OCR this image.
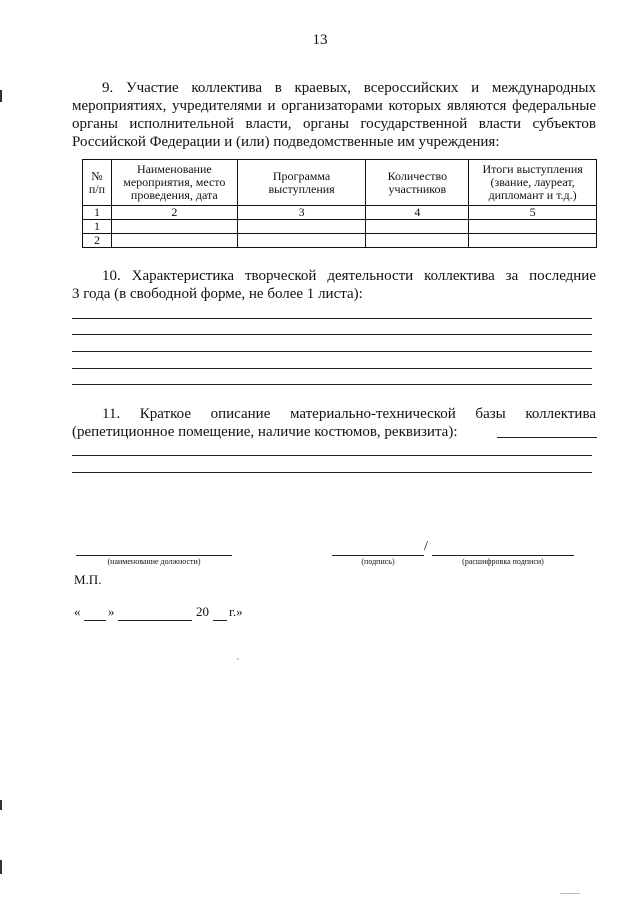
13
9. Участие коллектива в краевых, всероссийских и международных
мероприятиях, учредителями и организаторами которых являются федеральные
органы исполнительной власти, органы государственной власти субъектов
Российской Федерации и (или) подведомственные им учреждения:
№ п/п	Наименование мероприятия, место проведения, дата	Программа выступления	Количество участников	Итоги выступления (звание, лауреат, дипломант и т.д.)
1	2	3	4	5
1				
2				
10. Характеристика творческой деятельности коллектива за последние
3 года (в свободной форме, не более 1 листа):
11. Краткое описание материально-технической базы коллектива
(репетиционное помещение, наличие костюмов, реквизита):
(наименование должности)	(подпись)
/
(расшифровка подписи)
М.П.
« »	20 г.»
